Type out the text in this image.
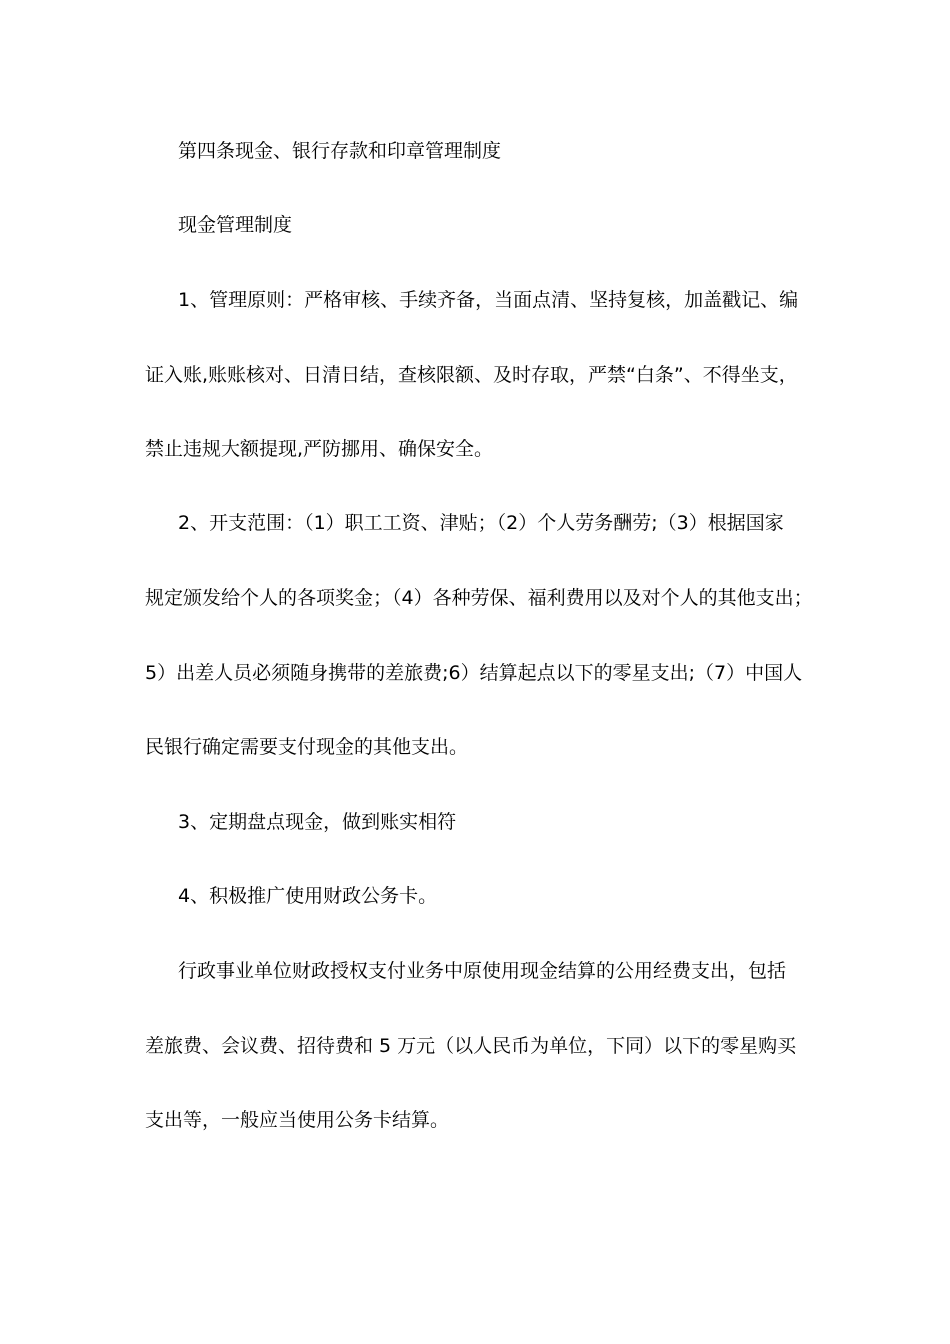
第四条现金、银行存款和印章管理制度
现金管理制度
1、管理原则：严格审核、手续齐备，当面点清、坚持复核，加盖戳记、编
证入账,账账核对、日清日结，查核限额、及时存取，严禁“白条”、不得坐支，
禁止违规大额提现,严防挪用、确保安全。
2、开支范围：（1）职工工资、津贴；（2）个人劳务酬劳;（3）根据国家
规定颁发给个人的各项奖金；（4）各种劳保、福利费用以及对个人的其他支出；
5）出差人员必须随身携带的差旅费;6）结算起点以下的零星支出;（7）中国人
民银行确定需要支付现金的其他支出。
3、定期盘点现金，做到账实相符
4、积极推广使用财政公务卡。
行政事业单位财政授权支付业务中原使用现金结算的公用经费支出，包括
差旅费、会议费、招待费和 5 万元（以人民币为单位，下同）以下的零星购买
支出等，一般应当使用公务卡结算。
